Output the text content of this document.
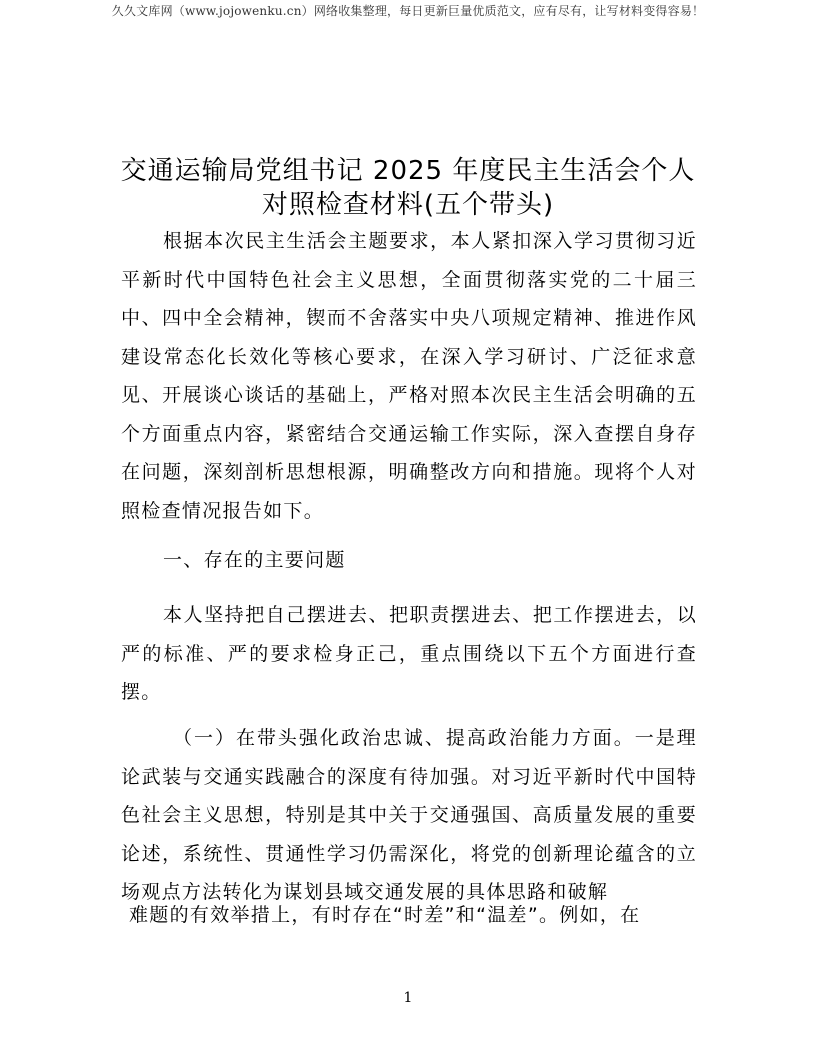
久久文库网（www.jojowenku.cn）网络收集整理，每日更新巨量优质范文，应有尽有，让写材料变得容易！
交通运输局党组书记 2025 年度民主生活会个人对照检查材料(五个带头)

根据本次民主生活会主题要求，本人紧扣深入学习贯彻习近平新时代中国特色社会主义思想，全面贯彻落实党的二十届三中、四中全会精神，锲而不舍落实中央八项规定精神、推进作风建设常态化长效化等核心要求，在深入学习研讨、广泛征求意见、开展谈心谈话的基础上，严格对照本次民主生活会明确的五个方面重点内容，紧密结合交通运输工作实际，深入查摆自身存在问题，深刻剖析思想根源，明确整改方向和措施。现将个人对照检查情况报告如下。

一、存在的主要问题

本人坚持把自己摆进去、把职责摆进去、把工作摆进去，以严的标准、严的要求检身正己，重点围绕以下五个方面进行查摆。

（一）在带头强化政治忠诚、提高政治能力方面。一是理论武装与交通实践融合的深度有待加强。对习近平新时代中国特色社会主义思想，特别是其中关于交通强国、高质量发展的重要论述，系统性、贯通性学习仍需深化，将党的创新理论蕴含的立场观点方法转化为谋划县域交通发展的具体思路和破解

难题的有效举措上，有时存在“时差”和“温差”。例如，在

1
